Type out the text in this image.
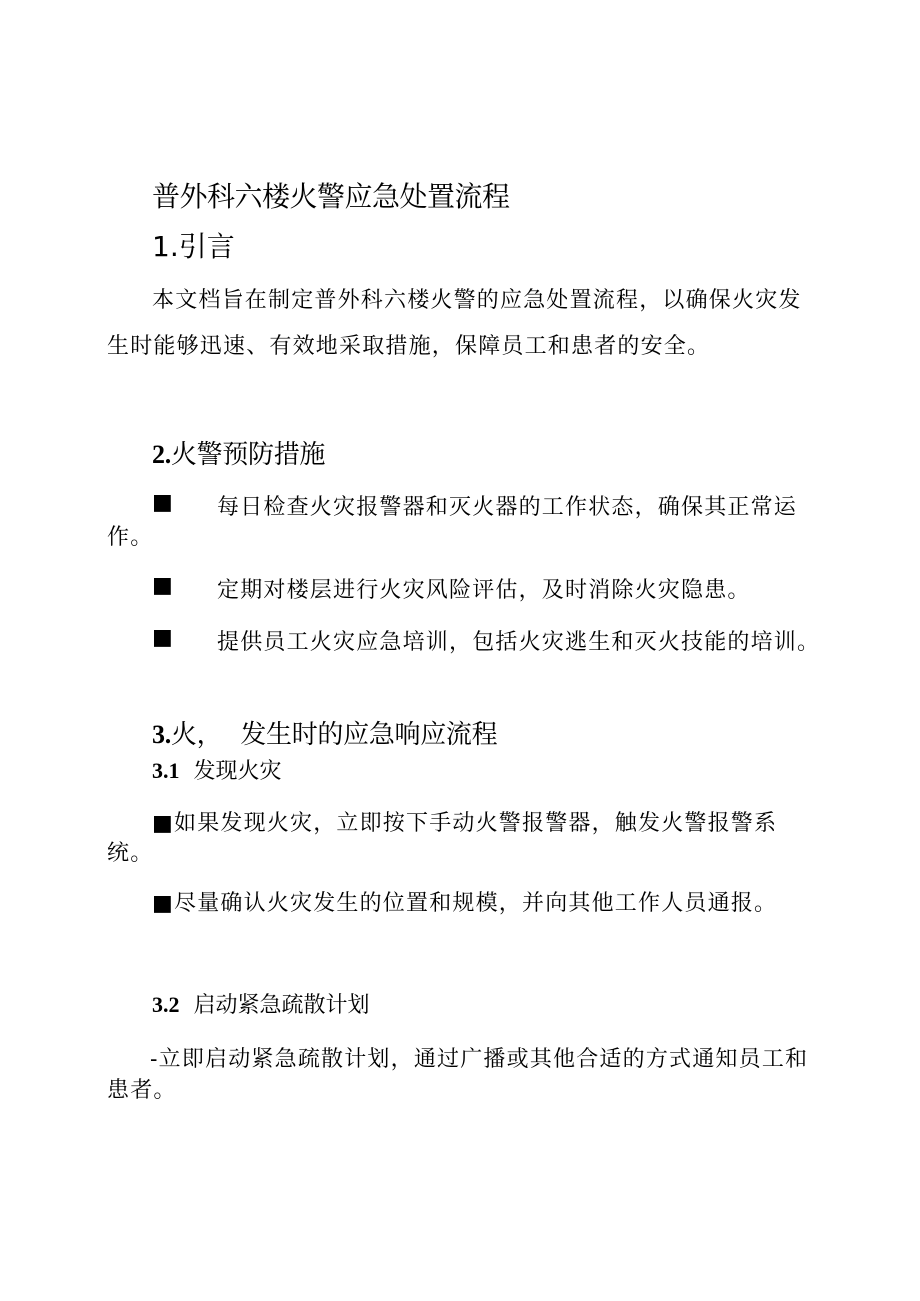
普外科六楼火警应急处置流程
1.引言
本文档旨在制定普外科六楼火警的应急处置流程，以确保火灾发
生时能够迅速、有效地采取措施，保障员工和患者的安全。
2.火警预防措施
■ 每日检查火灾报警器和灭火器的工作状态，确保其正常运
作。
■ 定期对楼层进行火灾风险评估，及时消除火灾隐患。
■ 提供员工火灾应急培训，包括火灾逃生和灭火技能的培训。
3.火， 发生时的应急响应流程
3.1 发现火灾
■如果发现火灾，立即按下手动火警报警器，触发火警报警系
统。
■尽量确认火灾发生的位置和规模，并向其他工作人员通报。
3.2 启动紧急疏散计划
-立即启动紧急疏散计划，通过广播或其他合适的方式通知员工和
患者。
